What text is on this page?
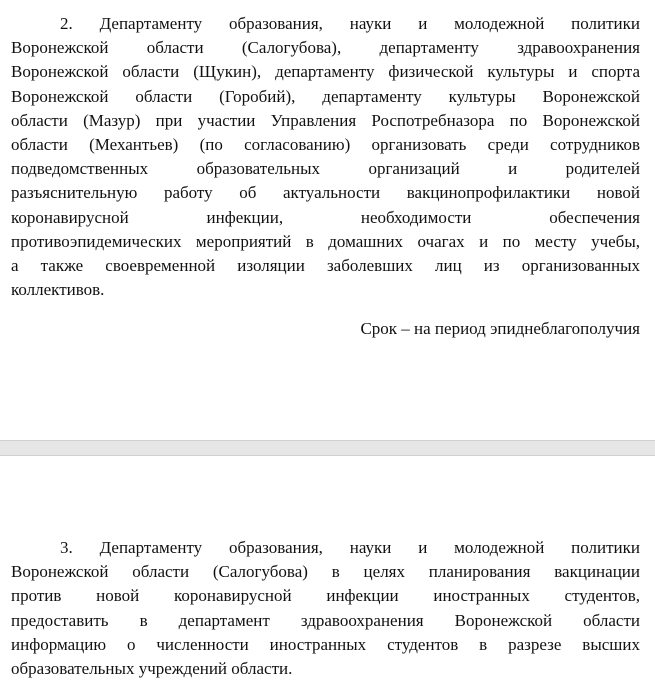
2. Департаменту образования, науки и молодежной политики
Воронежской области (Салогубова), департаменту здравоохранения
Воронежской области (Щукин), департаменту физической культуры и спорта
Воронежской области (Горобий), департаменту культуры Воронежской
области (Мазур) при участии Управления Роспотребназора по Воронежской
области (Механтьев) (по согласованию) организовать среди сотрудников
подведомственных образовательных организаций и родителей
разъяснительную работу об актуальности вакцинопрофилактики новой
коронавирусной инфекции, необходимости обеспечения
противоэпидемических мероприятий в домашних очагах и по месту учебы,
а также своевременной изоляции заболевших лиц из организованных
коллективов.
Срок – на период эпиднеблагополучия
3. Департаменту образования, науки и молодежной политики
Воронежской области (Салогубова) в целях планирования вакцинации
против новой коронавирусной инфекции иностранных студентов,
предоставить в департамент здравоохранения Воронежской области
информацию о численности иностранных студентов в разрезе высших
образовательных учреждений области.
